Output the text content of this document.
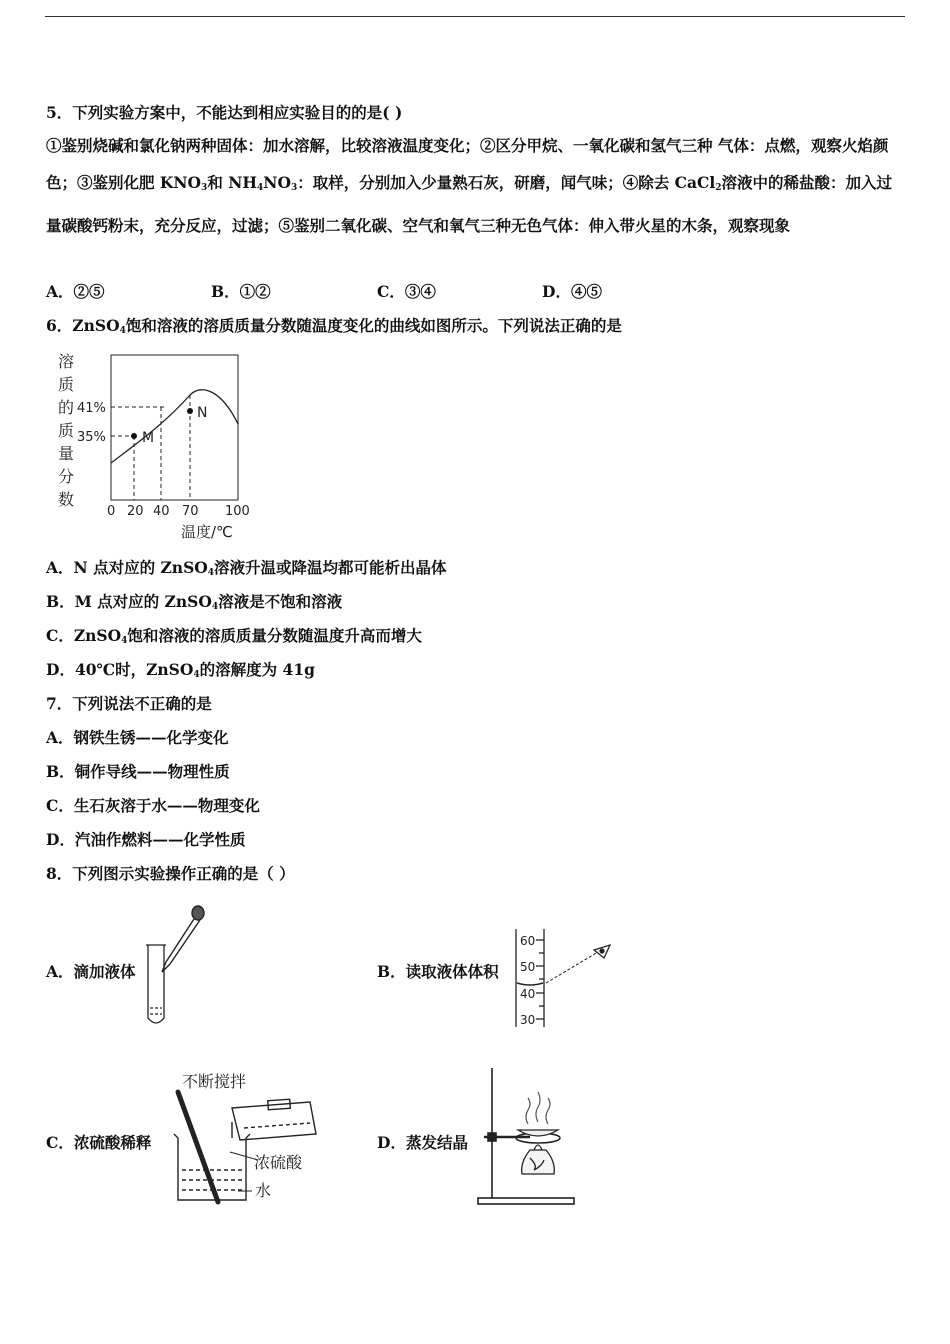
5．下列实验方案中，不能达到相应实验目的的是( )
①鉴别烧碱和氯化钠两种固体：加水溶解，比较溶液温度变化；②区分甲烷、一氧化碳和氢气三种 气体：点燃，观察火焰颜色；③鉴别化肥 $KNO_3$和 $NH_4NO_3$：取样，分别加入少量熟石灰，研磨，闻气味；④除去 CaCl$_2$溶液中的稀盐酸：加入过量碳酸钙粉末，充分反应，过滤；⑤鉴别二氧化碳、空气和氧气三种无色气体：伸入带火星的木条，观察现象
A．②⑤	B．①②	C．③④	D．④⑤
6．ZnSO$_4$饱和溶液的溶质质量分数随温度变化的曲线如图所示。下列说法正确的是
溶
质
的
质
量
分
数
M
N
41%
35%
0 20 40 70 100
温度/℃
A．N 点对应的 ZnSO$_4$溶液升温或降温均都可能析出晶体
B．M 点对应的 ZnSO$_4$溶液是不饱和溶液
C．ZnSO$_4$饱和溶液的溶质质量分数随温度升高而增大
D．40℃时，ZnSO$_4$的溶解度为 41g
7．下列说法不正确的是
A．钢铁生锈——化学变化
B．铜作导线——物理性质
C．生石灰溶于水——物理变化
D．汽油作燃料——化学性质
8．下列图示实验操作正确的是（ ）
A．滴加液体	B．读取液体体积
60
50
40
30
C．浓硫酸稀释
不断搅拌
浓硫酸
水
D．蒸发结晶
